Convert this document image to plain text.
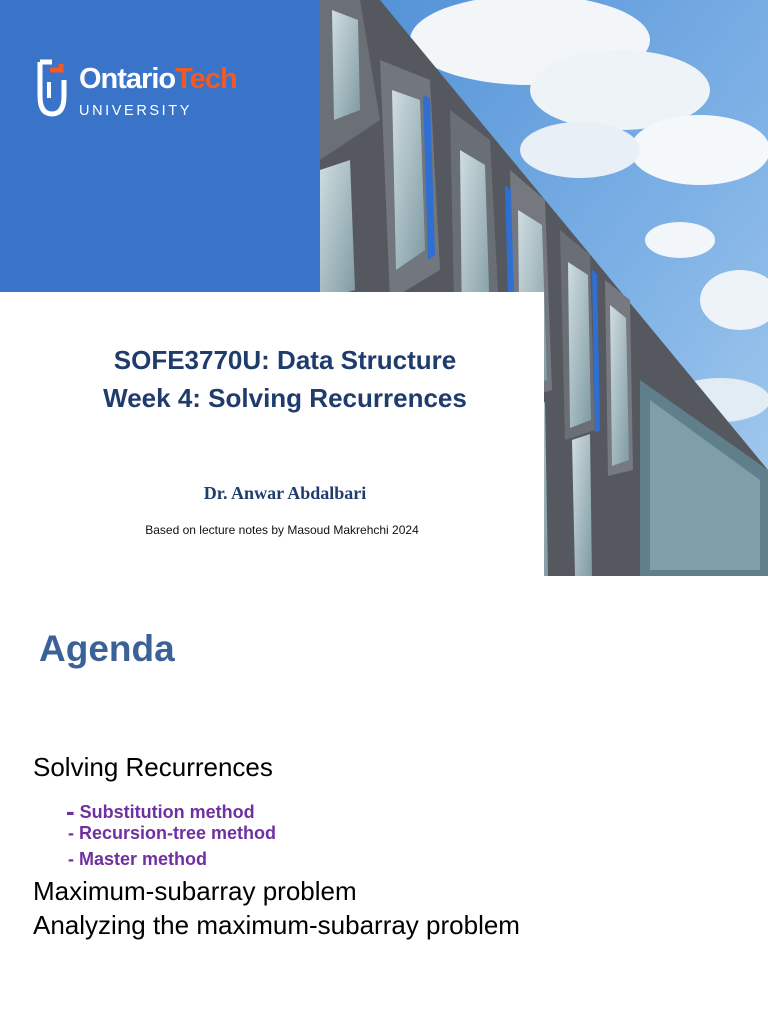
OntarioTech
UNIVERSITY
SOFE3770U: Data Structure
Week 4: Solving Recurrences
Dr. Anwar Abdalbari
Based on lecture notes by Masoud Makrehchi 2024
Agenda
Solving Recurrences
- Substitution method
- Recursion-tree method
- Master method
Maximum-subarray problem
Analyzing the maximum-subarray problem
